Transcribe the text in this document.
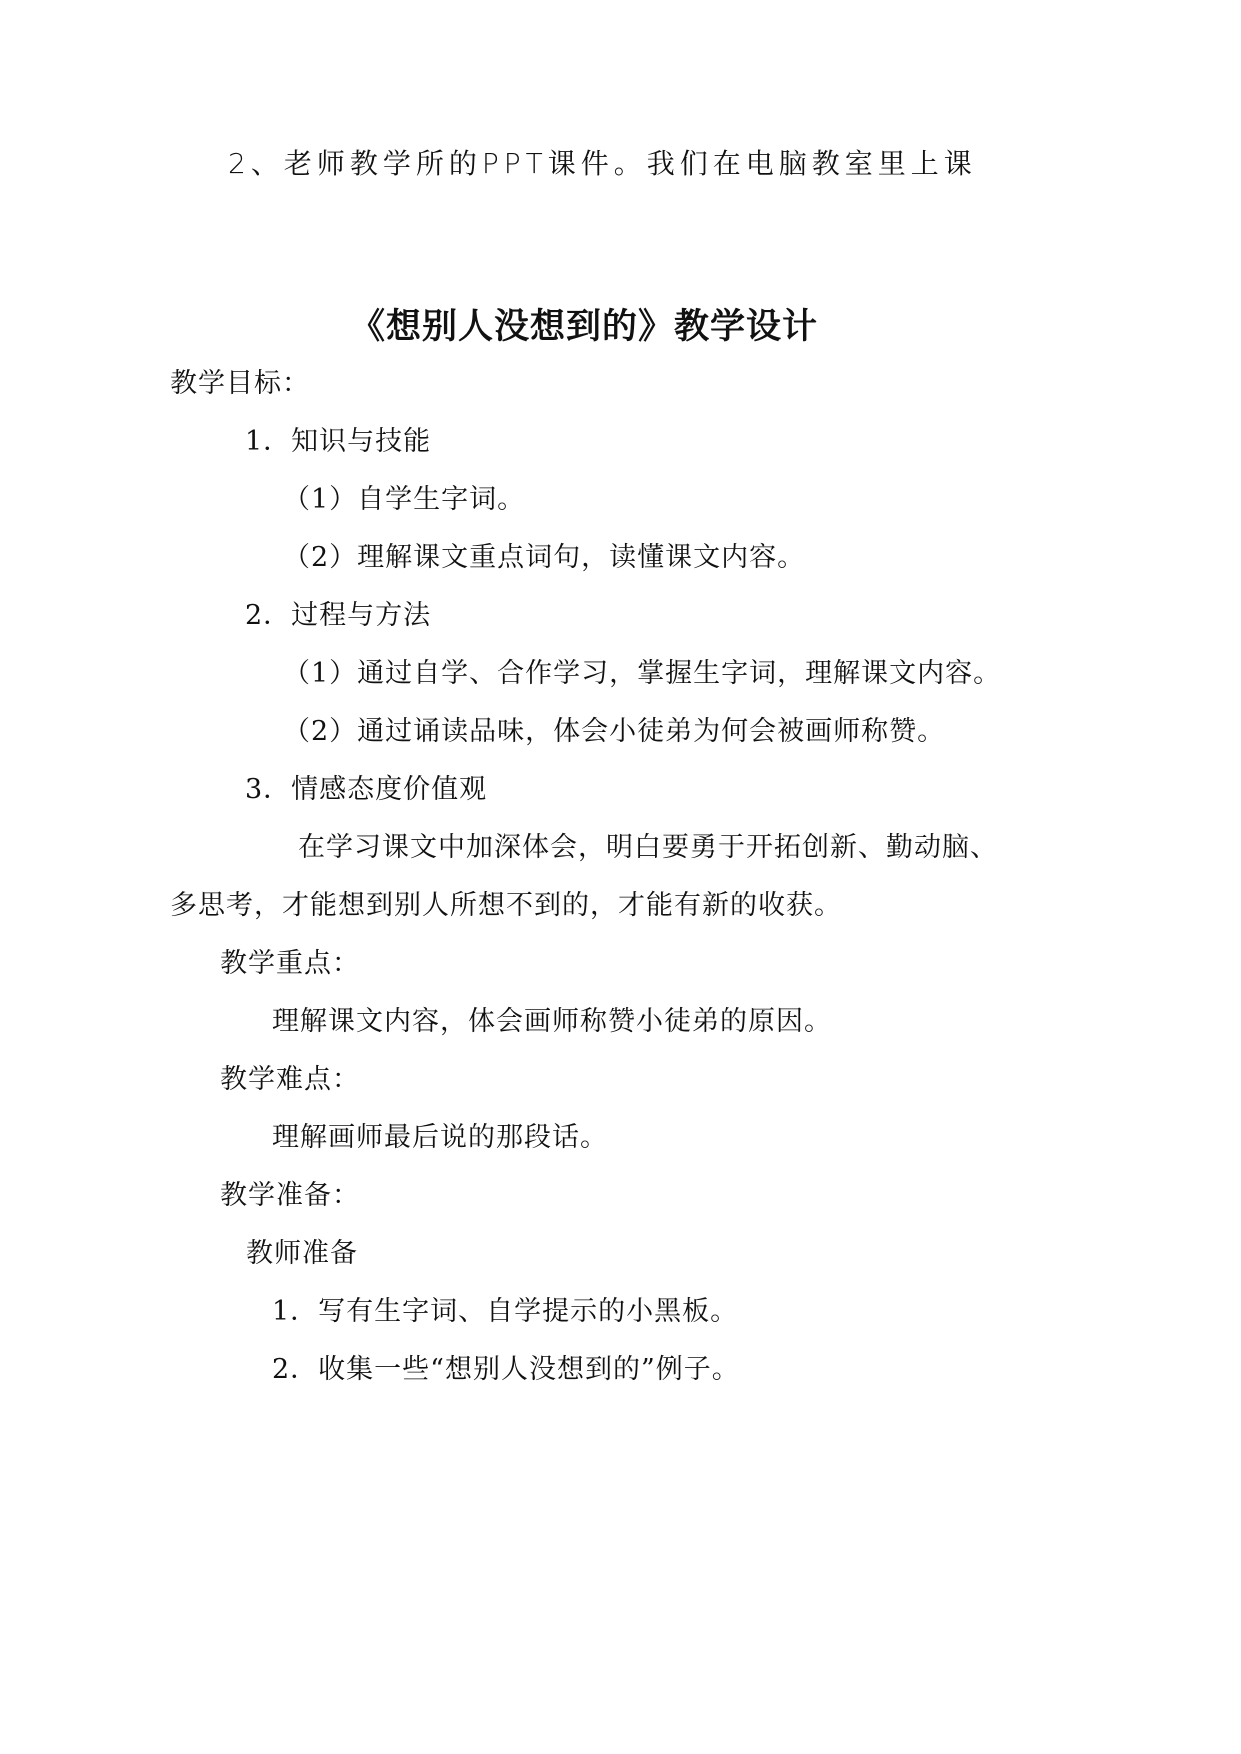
2、老师教学所的PPT课件。我们在电脑教室里上课
《想别人没想到的》教学设计
教学目标：
1．知识与技能
（1）自学生字词。
（2）理解课文重点词句，读懂课文内容。
2．过程与方法
（1）通过自学、合作学习，掌握生字词，理解课文内容。
（2）通过诵读品味，体会小徒弟为何会被画师称赞。
3．情感态度价值观
在学习课文中加深体会，明白要勇于开拓创新、勤动脑、
多思考，才能想到别人所想不到的，才能有新的收获。
教学重点：
理解课文内容，体会画师称赞小徒弟的原因。
教学难点：
理解画师最后说的那段话。
教学准备：
教师准备
1．写有生字词、自学提示的小黑板。
2．收集一些“想别人没想到的”例子。
